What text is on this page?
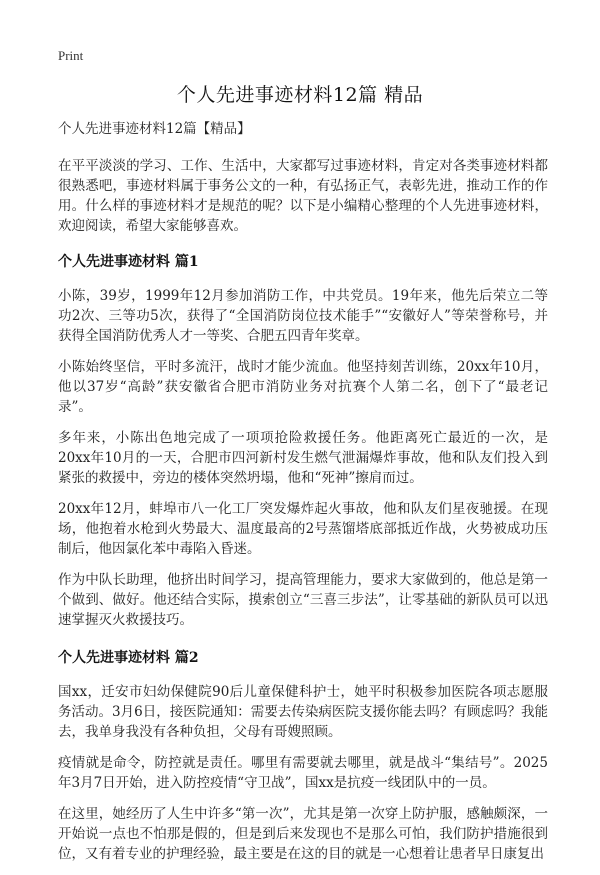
Print
个人先进事迹材料12篇 精品

个人先进事迹材料12篇【精品】

在平平淡淡的学习、工作、生活中，大家都写过事迹材料，肯定对各类事迹材料都很熟悉吧，事迹材料属于事务公文的一种，有弘扬正气，表彰先进，推动工作的作用。什么样的事迹材料才是规范的呢？以下是小编精心整理的个人先进事迹材料，欢迎阅读，希望大家能够喜欢。

个人先进事迹材料 篇1

小陈，39岁，1999年12月参加消防工作，中共党员。19年来，他先后荣立二等功2次、三等功5次，获得了“全国消防岗位技术能手”“安徽好人”等荣誉称号，并获得全国消防优秀人才一等奖、合肥五四青年奖章。

小陈始终坚信，平时多流汗，战时才能少流血。他坚持刻苦训练，20xx年10月，他以37岁“高龄”获安徽省合肥市消防业务对抗赛个人第二名，创下了“最老记录”。

多年来，小陈出色地完成了一项项抢险救援任务。他距离死亡最近的一次，是20xx年10月的一天，合肥市四河新村发生燃气泄漏爆炸事故，他和队友们投入到紧张的救援中，旁边的楼体突然坍塌，他和“死神”擦肩而过。

20xx年12月，蚌埠市八一化工厂突发爆炸起火事故，他和队友们星夜驰援。在现场，他抱着水枪到火势最大、温度最高的2号蒸馏塔底部抵近作战，火势被成功压制后，他因氯化苯中毒陷入昏迷。

作为中队长助理，他挤出时间学习，提高管理能力，要求大家做到的，他总是第一个做到、做好。他还结合实际，摸索创立“三喜三步法”，让零基础的新队员可以迅速掌握灭火救援技巧。

个人先进事迹材料 篇2

国xx，迁安市妇幼保健院90后儿童保健科护士，她平时积极参加医院各项志愿服务活动。3月6日，接医院通知：需要去传染病医院支援你能去吗？有顾虑吗？我能去，我单身我没有各种负担，父母有哥嫂照顾。

疫情就是命令，防控就是责任。哪里有需要就去哪里，就是战斗“集结号”。2025年3月7日开始，进入防控疫情“守卫战”，国xx是抗疫一线团队中的一员。

在这里，她经历了人生中许多“第一次”，尤其是第一次穿上防护服，感触颇深，一开始说一点也不怕那是假的，但是到后来发现也不是那么可怕，我们防护措施很到位，又有着专业的护理经验，最主要是在这的目的就是一心想着让患者早日康复出
